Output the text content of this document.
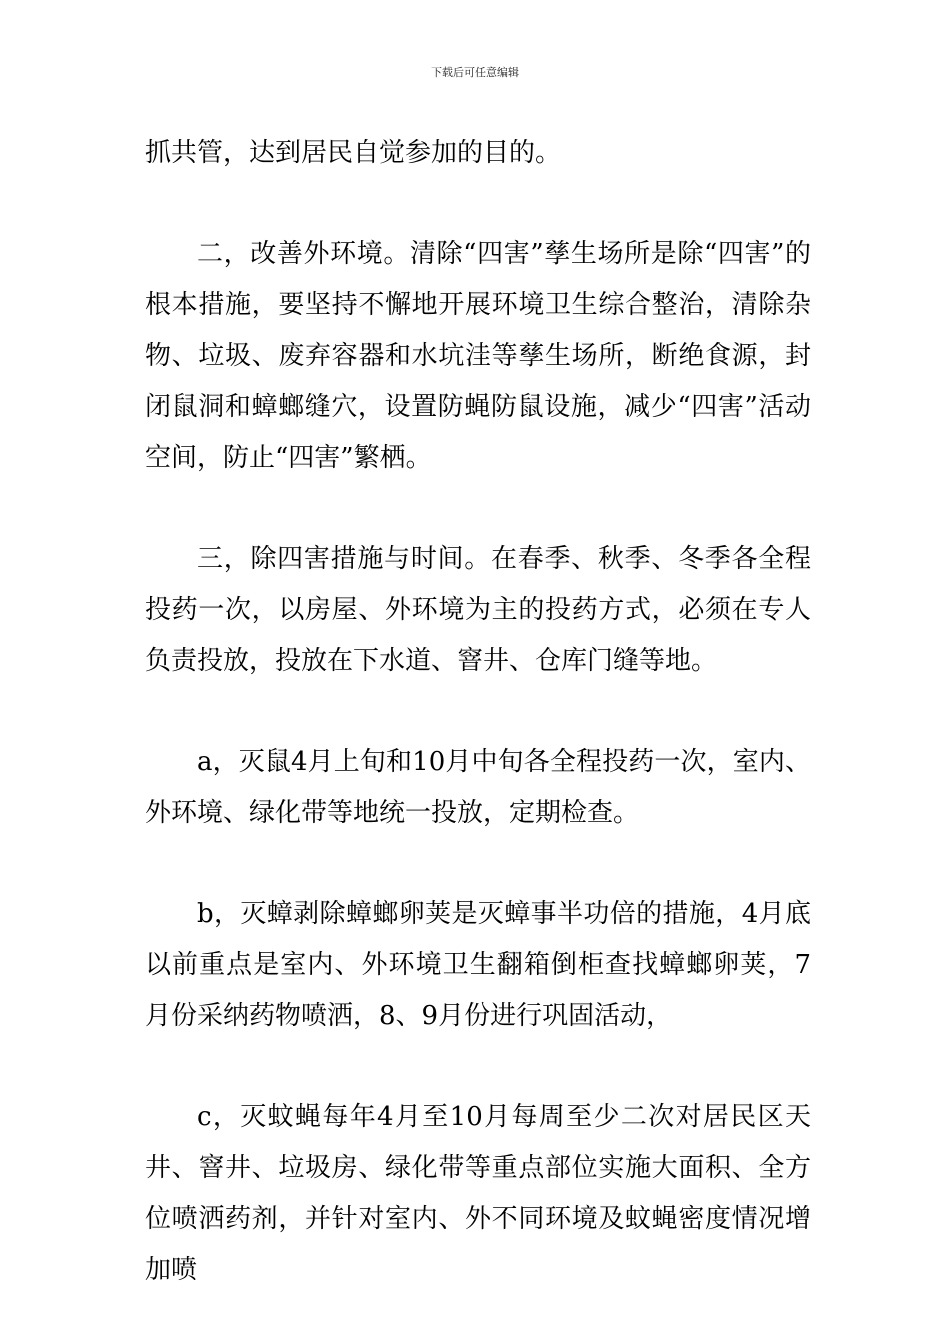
下载后可任意编辑

抓共管，达到居民自觉参加的目的。

二，改善外环境。清除“四害”孳生场所是除“四害”的根本措施，要坚持不懈地开展环境卫生综合整治，清除杂物、垃圾、废弃容器和水坑洼等孳生场所，断绝食源，封闭鼠洞和蟑螂缝穴，设置防蝇防鼠设施，减少“四害”活动空间，防止“四害”繁栖。

三，除四害措施与时间。在春季、秋季、冬季各全程投药一次，以房屋、外环境为主的投药方式，必须在专人负责投放，投放在下水道、窨井、仓库门缝等地。

a，灭鼠4月上旬和10月中旬各全程投药一次，室内、外环境、绿化带等地统一投放，定期检查。

b，灭蟑剥除蟑螂卵荚是灭蟑事半功倍的措施，4月底以前重点是室内、外环境卫生翻箱倒柜查找蟑螂卵荚，7月份采纳药物喷洒，8、9月份进行巩固活动，

c，灭蚊蝇每年4月至10月每周至少二次对居民区天井、窨井、垃圾房、绿化带等重点部位实施大面积、全方位喷洒药剂，并针对室内、外不同环境及蚊蝇密度情况增加喷
